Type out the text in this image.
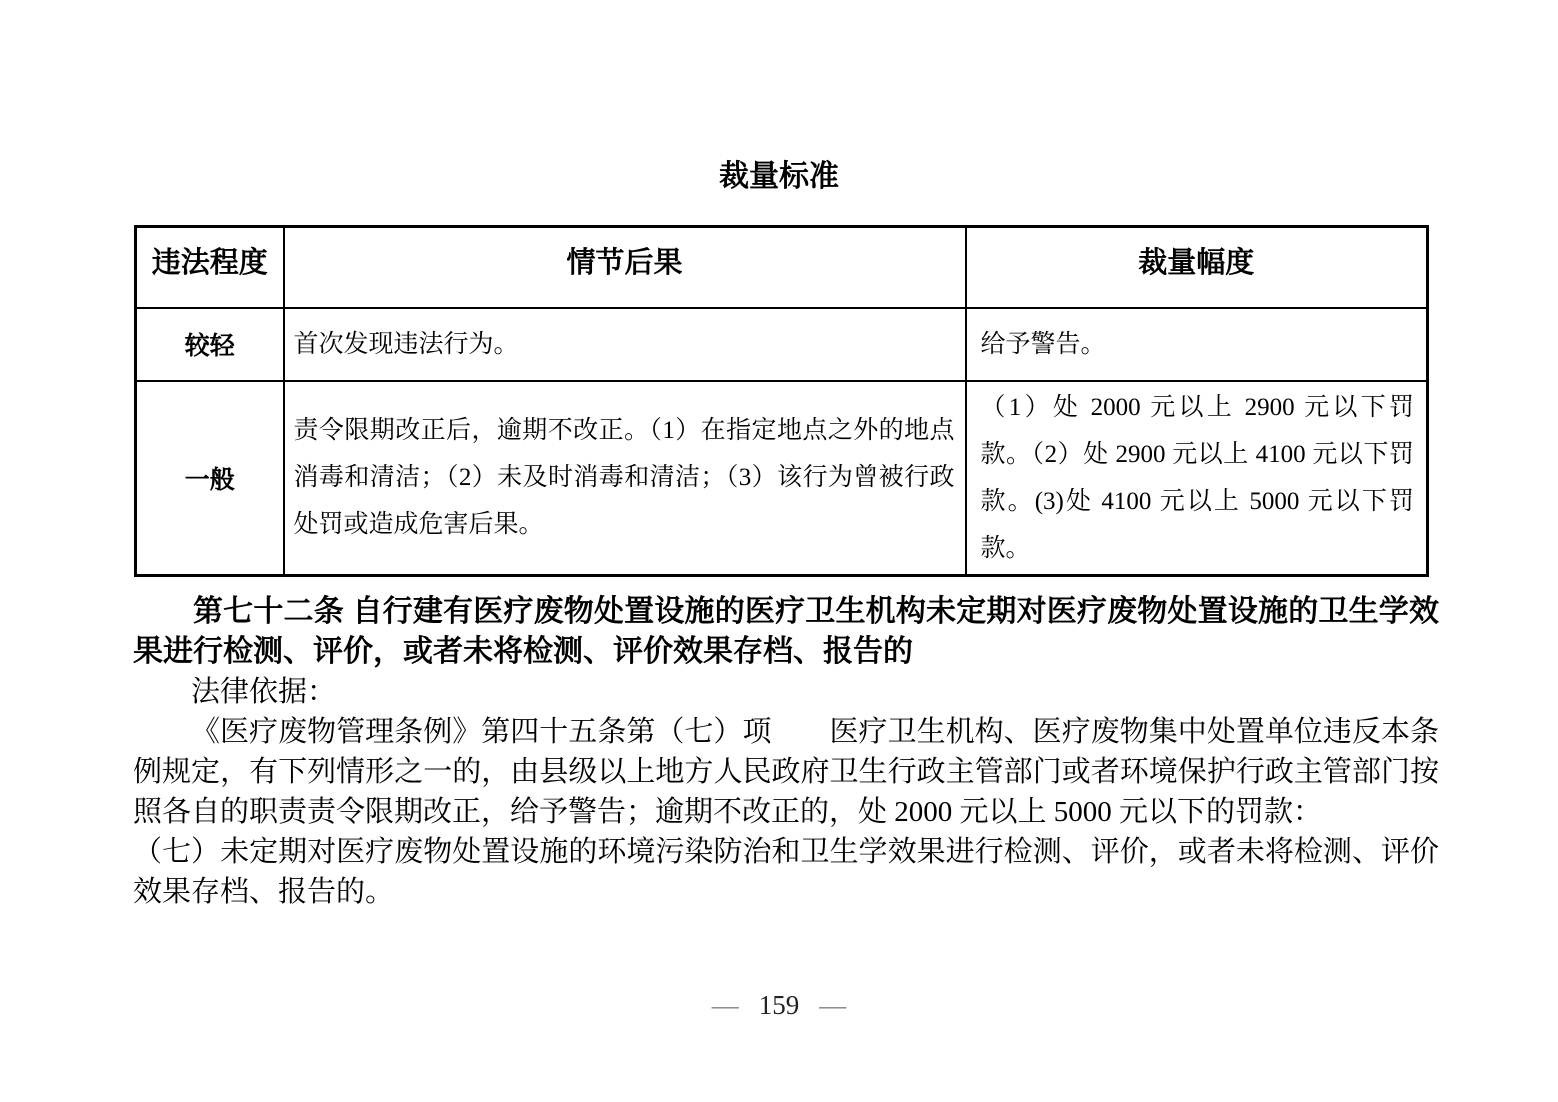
裁量标准
违法程度	情节后果	裁量幅度
较轻	首次发现违法行为。	给予警告。
一般	责令限期改正后，逾期不改正。（1）在指定地点之外的地点消毒和清洁；（2）未及时消毒和清洁；（3）该行为曾被行政处罚或造成危害后果。	（1）处 2000 元以上 2900 元以下罚款。（2）处 2900 元以上 4100 元以下罚款。(3)处 4100 元以上 5000 元以下罚款。

第七十二条 自行建有医疗废物处置设施的医疗卫生机构未定期对医疗废物处置设施的卫生学效果进行检测、评价，或者未将检测、评价效果存档、报告的

法律依据：

《医疗废物管理条例》第四十五条第（七）项　　医疗卫生机构、医疗废物集中处置单位违反本条例规定，有下列情形之一的，由县级以上地方人民政府卫生行政主管部门或者环境保护行政主管部门按照各自的职责责令限期改正，给予警告；逾期不改正的，处 2000 元以上 5000 元以下的罚款：

（七）未定期对医疗废物处置设施的环境污染防治和卫生学效果进行检测、评价，或者未将检测、评价效果存档、报告的。

— 159 —
